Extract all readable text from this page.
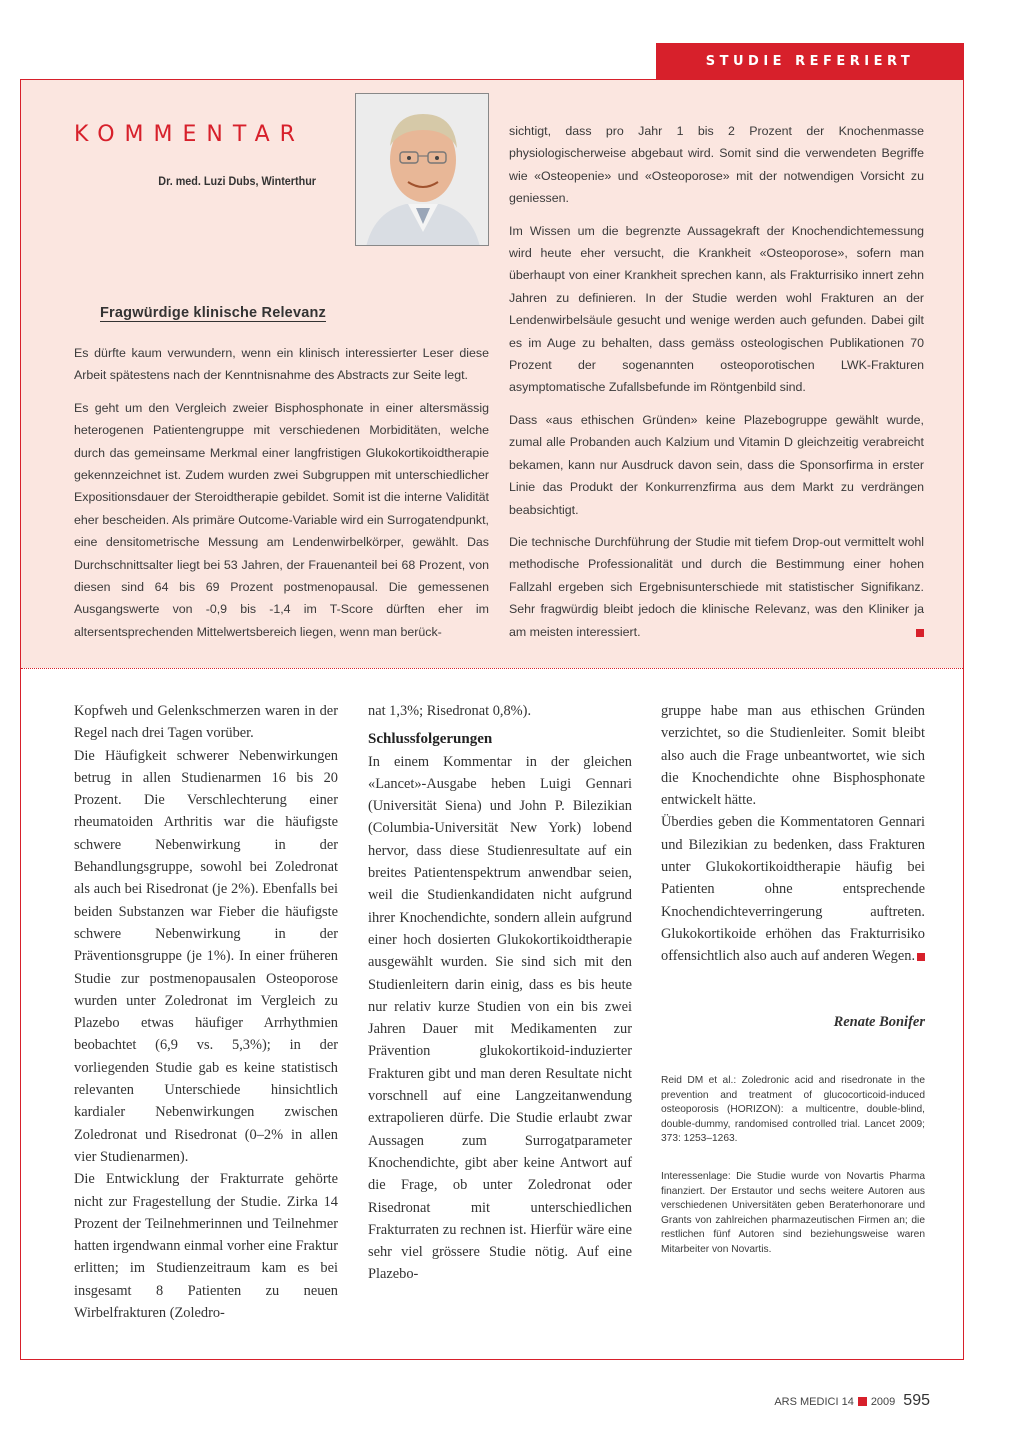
STUDIE REFERIERT
KOMMENTAR
Dr. med. Luzi Dubs, Winterthur
Fragwürdige klinische Relevanz

Es dürfte kaum verwundern, wenn ein klinisch interessierter Leser diese Arbeit spätestens nach der Kenntnisnahme des Abstracts zur Seite legt.

Es geht um den Vergleich zweier Bisphosphonate in einer altersmässig heterogenen Patientengruppe mit verschiedenen Morbiditäten, welche durch das gemeinsame Merkmal einer langfristigen Glukokortikoidtherapie gekennzeichnet ist. Zudem wurden zwei Subgruppen mit unterschiedlicher Expositionsdauer der Steroidtherapie gebildet. Somit ist die interne Validität eher bescheiden. Als primäre Outcome-Variable wird ein Surrogatendpunkt, eine densitometrische Messung am Lendenwirbelkörper, gewählt. Das Durchschnittsalter liegt bei 53 Jahren, der Frauenanteil bei 68 Prozent, von diesen sind 64 bis 69 Prozent postmenopausal. Die gemessenen Ausgangswerte von -0,9 bis -1,4 im T-Score dürften eher im altersentsprechenden Mittelwertsbereich liegen, wenn man berück-

sichtigt, dass pro Jahr 1 bis 2 Prozent der Knochenmasse physiologischerweise abgebaut wird. Somit sind die verwendeten Begriffe wie «Osteopenie» und «Osteoporose» mit der notwendigen Vorsicht zu geniessen.

Im Wissen um die begrenzte Aussagekraft der Knochendichtemessung wird heute eher versucht, die Krankheit «Osteoporose», sofern man überhaupt von einer Krankheit sprechen kann, als Frakturrisiko innert zehn Jahren zu definieren. In der Studie werden wohl Frakturen an der Lendenwirbelsäule gesucht und wenige werden auch gefunden. Dabei gilt es im Auge zu behalten, dass gemäss osteologischen Publikationen 70 Prozent der sogenannten osteoporotischen LWK-Frakturen asymptomatische Zufallsbefunde im Röntgenbild sind.

Dass «aus ethischen Gründen» keine Plazebogruppe gewählt wurde, zumal alle Probanden auch Kalzium und Vitamin D gleichzeitig verabreicht bekamen, kann nur Ausdruck davon sein, dass die Sponsorfirma in erster Linie das Produkt der Konkurrenzfirma aus dem Markt zu verdrängen beabsichtigt.

Die technische Durchführung der Studie mit tiefem Drop-out vermittelt wohl methodische Professionalität und durch die Bestimmung einer hohen Fallzahl ergeben sich Ergebnisunterschiede mit statistischer Signifikanz. Sehr fragwürdig bleibt jedoch die klinische Relevanz, was den Kliniker ja am meisten interessiert.

Kopfweh und Gelenkschmerzen waren in der Regel nach drei Tagen vorüber.

Die Häufigkeit schwerer Nebenwirkungen betrug in allen Studienarmen 16 bis 20 Prozent. Die Verschlechterung einer rheumatoiden Arthritis war die häufigste schwere Nebenwirkung in der Behandlungsgruppe, sowohl bei Zoledronat als auch bei Risedronat (je 2%). Ebenfalls bei beiden Substanzen war Fieber die häufigste schwere Nebenwirkung in der Präventionsgruppe (je 1%). In einer früheren Studie zur postmenopausalen Osteoporose wurden unter Zoledronat im Vergleich zu Plazebo etwas häufiger Arrhythmien beobachtet (6,9 vs. 5,3%); in der vorliegenden Studie gab es keine statistisch relevanten Unterschiede hinsichtlich kardialer Nebenwirkungen zwischen Zoledronat und Risedronat (0–2% in allen vier Studienarmen).

Die Entwicklung der Frakturrate gehörte nicht zur Fragestellung der Studie. Zirka 14 Prozent der Teilnehmerinnen und Teilnehmer hatten irgendwann einmal vorher eine Fraktur erlitten; im Studienzeitraum kam es bei insgesamt 8 Patienten zu neuen Wirbelfrakturen (Zoledro-

nat 1,3%; Risedronat 0,8%).

Schlussfolgerungen

In einem Kommentar in der gleichen «Lancet»-Ausgabe heben Luigi Gennari (Universität Siena) und John P. Bilezikian (Columbia-Universität New York) lobend hervor, dass diese Studienresultate auf ein breites Patientenspektrum anwendbar seien, weil die Studienkandidaten nicht aufgrund ihrer Knochendichte, sondern allein aufgrund einer hoch dosierten Glukokortikoidtherapie ausgewählt wurden. Sie sind sich mit den Studienleitern darin einig, dass es bis heute nur relativ kurze Studien von ein bis zwei Jahren Dauer mit Medikamenten zur Prävention glukokortikoid-induzierter Frakturen gibt und man deren Resultate nicht vorschnell auf eine Langzeitanwendung extrapolieren dürfe. Die Studie erlaubt zwar Aussagen zum Surrogatparameter Knochendichte, gibt aber keine Antwort auf die Frage, ob unter Zoledronat oder Risedronat mit unterschiedlichen Frakturraten zu rechnen ist. Hierfür wäre eine sehr viel grössere Studie nötig. Auf eine Plazebo-

gruppe habe man aus ethischen Gründen verzichtet, so die Studienleiter. Somit bleibt also auch die Frage unbeantwortet, wie sich die Knochendichte ohne Bisphosphonate entwickelt hätte.

Überdies geben die Kommentatoren Gennari und Bilezikian zu bedenken, dass Frakturen unter Glukokortikoidtherapie häufig bei Patienten ohne entsprechende Knochendichteverringerung auftreten. Glukokortikoide erhöhen das Frakturrisiko offensichtlich also auch auf anderen Wegen.

Renate Bonifer
Reid DM et al.: Zoledronic acid and risedronate in the prevention and treatment of glucocorticoid-induced osteoporosis (HORIZON): a multicentre, double-blind, double-dummy, randomised controlled trial. Lancet 2009; 373: 1253–1263.
Interessenlage: Die Studie wurde von Novartis Pharma finanziert. Der Erstautor und sechs weitere Autoren aus verschiedenen Universitäten geben Beraterhonorare und Grants von zahlreichen pharmazeutischen Firmen an; die restlichen fünf Autoren sind beziehungsweise waren Mitarbeiter von Novartis.
ARS MEDICI 14 2009 595
